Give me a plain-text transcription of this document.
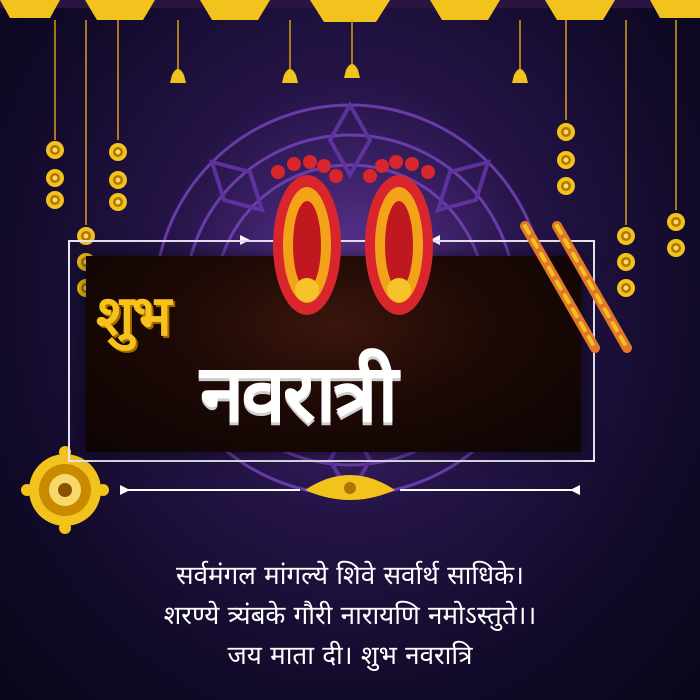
शुभ
नवरात्री
सर्वमंगल मांगल्ये शिवे सर्वार्थ साधिके।
शरण्ये त्र्यंबके गौरी नारायणि नमोऽस्तुते।।
जय माता दी। शुभ नवरात्रि
